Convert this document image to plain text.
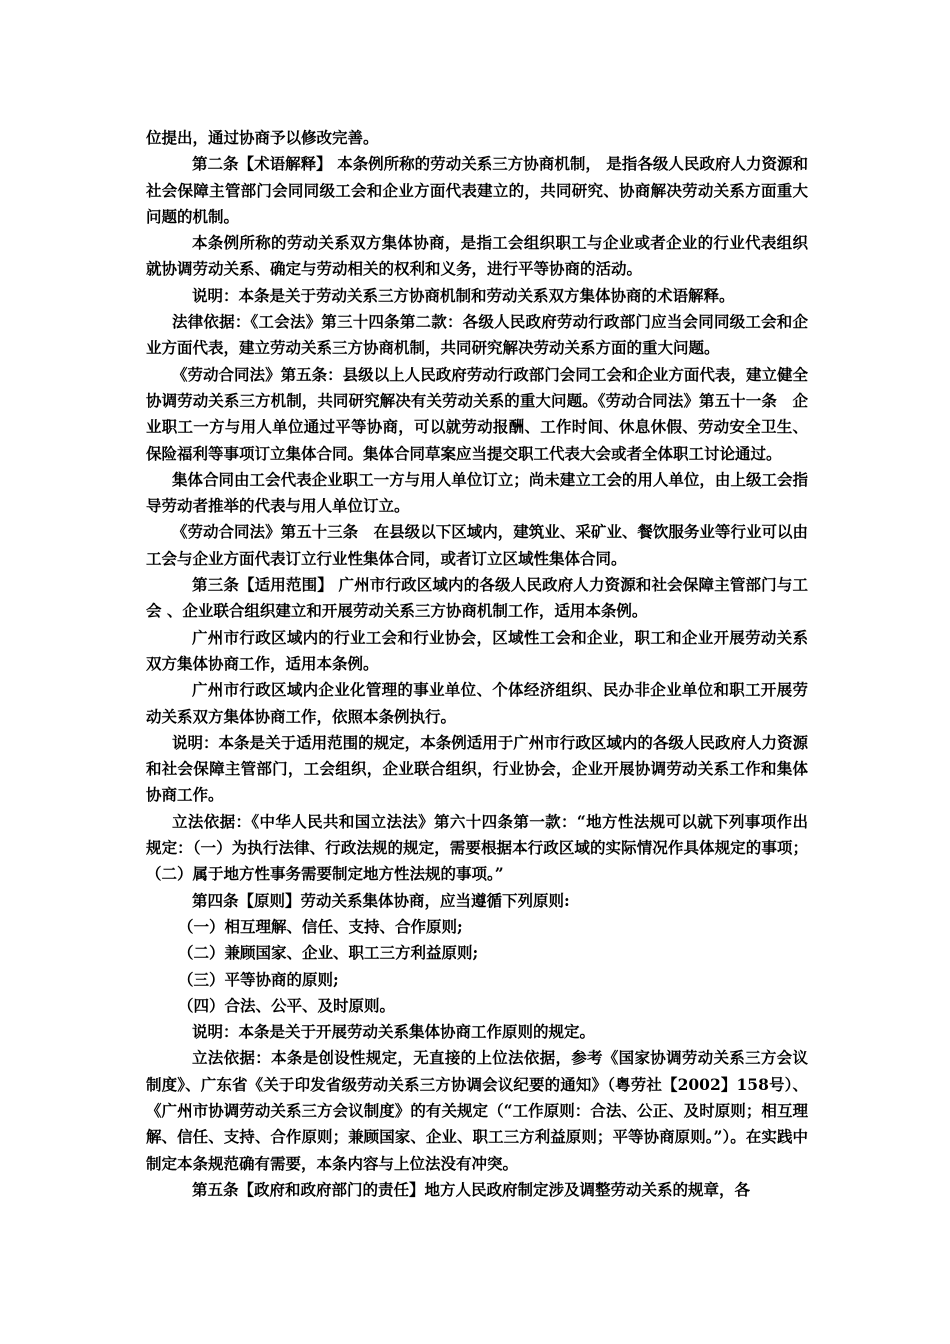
位提出，通过协商予以修改完善。

第二条【术语解释】 本条例所称的劳动关系三方协商机制， 是指各级人民政府人力资源和社会保障主管部门会同同级工会和企业方面代表建立的，共同研究、协商解决劳动关系方面重大问题的机制。

本条例所称的劳动关系双方集体协商，是指工会组织职工与企业或者企业的行业代表组织就协调劳动关系、确定与劳动相关的权利和义务，进行平等协商的活动。

说明：本条是关于劳动关系三方协商机制和劳动关系双方集体协商的术语解释。

法律依据：《工会法》第三十四条第二款：各级人民政府劳动行政部门应当会同同级工会和企业方面代表，建立劳动关系三方协商机制，共同研究解决劳动关系方面的重大问题。

《劳动合同法》第五条：县级以上人民政府劳动行政部门会同工会和企业方面代表，建立健全协调劳动关系三方机制，共同研究解决有关劳动关系的重大问题。《劳动合同法》第五十一条　企业职工一方与用人单位通过平等协商，可以就劳动报酬、工作时间、休息休假、劳动安全卫生、保险福利等事项订立集体合同。集体合同草案应当提交职工代表大会或者全体职工讨论通过。

集体合同由工会代表企业职工一方与用人单位订立；尚未建立工会的用人单位，由上级工会指导劳动者推举的代表与用人单位订立。

《劳动合同法》第五十三条　在县级以下区域内，建筑业、采矿业、餐饮服务业等行业可以由工会与企业方面代表订立行业性集体合同，或者订立区域性集体合同。

第三条【适用范围】 广州市行政区域内的各级人民政府人力资源和社会保障主管部门与工会 、企业联合组织建立和开展劳动关系三方协商机制工作，适用本条例。

广州市行政区域内的行业工会和行业协会，区域性工会和企业，职工和企业开展劳动关系双方集体协商工作，适用本条例。

广州市行政区域内企业化管理的事业单位、个体经济组织、民办非企业单位和职工开展劳动关系双方集体协商工作，依照本条例执行。

说明：本条是关于适用范围的规定，本条例适用于广州市行政区域内的各级人民政府人力资源和社会保障主管部门，工会组织，企业联合组织，行业协会，企业开展协调劳动关系工作和集体协商工作。

立法依据：《中华人民共和国立法法》第六十四条第一款：“地方性法规可以就下列事项作出规定：（一）为执行法律、行政法规的规定，需要根据本行政区域的实际情况作具体规定的事项；（二）属于地方性事务需要制定地方性法规的事项。”

第四条【原则】劳动关系集体协商，应当遵循下列原则:

（一）相互理解、信任、支持、合作原则;

（二）兼顾国家、企业、职工三方利益原则;

（三）平等协商的原则;

（四）合法、公平、及时原则。

说明：本条是关于开展劳动关系集体协商工作原则的规定。

立法依据：本条是创设性规定，无直接的上位法依据，参考《国家协调劳动关系三方会议制度》、广东省《关于印发省级劳动关系三方协调会议纪要的通知》（粤劳社【2002】158号）、《广州市协调劳动关系三方会议制度》的有关规定（“工作原则：合法、公正、及时原则；相互理解、信任、支持、合作原则；兼顾国家、企业、职工三方利益原则；平等协商原则。”）。在实践中制定本条规范确有需要，本条内容与上位法没有冲突。

第五条【政府和政府部门的责任】地方人民政府制定涉及调整劳动关系的规章，各
